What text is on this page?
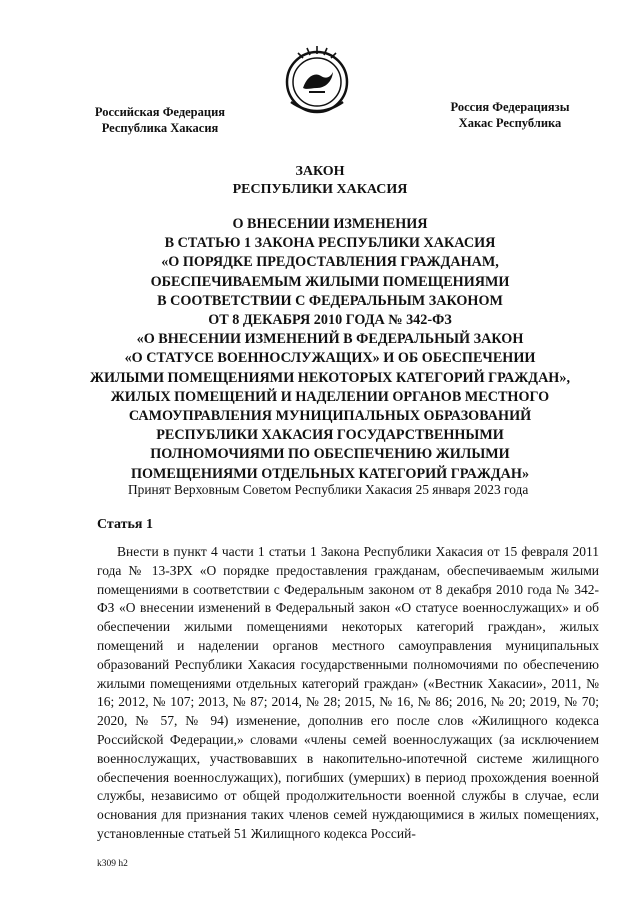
Российская Федерация
Республика Хакасия
Россия Федерациязы
Хакас Республика
ЗАКОН
РЕСПУБЛИКИ ХАКАСИЯ
О ВНЕСЕНИИ ИЗМЕНЕНИЯ
В СТАТЬЮ 1 ЗАКОНА РЕСПУБЛИКИ ХАКАСИЯ
«О ПОРЯДКЕ ПРЕДОСТАВЛЕНИЯ ГРАЖДАНАМ,
ОБЕСПЕЧИВАЕМЫМ ЖИЛЫМИ ПОМЕЩЕНИЯМИ
В СООТВЕТСТВИИ С ФЕДЕРАЛЬНЫМ ЗАКОНОМ
ОТ 8 ДЕКАБРЯ 2010 ГОДА № 342-ФЗ
«О ВНЕСЕНИИ ИЗМЕНЕНИЙ В ФЕДЕРАЛЬНЫЙ ЗАКОН
«О СТАТУСЕ ВОЕННОСЛУЖАЩИХ» И ОБ ОБЕСПЕЧЕНИИ
ЖИЛЫМИ ПОМЕЩЕНИЯМИ НЕКОТОРЫХ КАТЕГОРИЙ ГРАЖДАН»,
ЖИЛЫХ ПОМЕЩЕНИЙ И НАДЕЛЕНИИ ОРГАНОВ МЕСТНОГО
САМОУПРАВЛЕНИЯ МУНИЦИПАЛЬНЫХ ОБРАЗОВАНИЙ
РЕСПУБЛИКИ ХАКАСИЯ ГОСУДАРСТВЕННЫМИ
ПОЛНОМОЧИЯМИ ПО ОБЕСПЕЧЕНИЮ ЖИЛЫМИ
ПОМЕЩЕНИЯМИ ОТДЕЛЬНЫХ КАТЕГОРИЙ ГРАЖДАН»
Принят Верховным Советом Республики Хакасия 25 января 2023 года
Статья 1
Внести в пункт 4 части 1 статьи 1 Закона Республики Хакасия от 15 февраля 2011 года № 13-ЗРХ «О порядке предоставления гражданам, обеспечиваемым жилыми помещениями в соответствии с Федеральным законом от 8 декабря 2010 года № 342-ФЗ «О внесении изменений в Федеральный закон «О статусе военнослужащих» и об обеспечении жилыми помещениями некоторых категорий граждан», жилых помещений и наделении органов местного самоуправления муниципальных образований Республики Хакасия государственными полномочиями по обеспечению жилыми помещениями отдельных категорий граждан» («Вестник Хакасии», 2011, № 16; 2012, № 107; 2013, № 87; 2014, № 28; 2015, № 16, № 86; 2016, № 20; 2019, № 70; 2020, № 57, № 94) изменение, дополнив его после слов «Жилищного кодекса Российской Федерации,» словами «члены семей военнослужащих (за исключением военнослужащих, участвовавших в накопительно-ипотечной системе жилищного обеспечения военнослужащих), погибших (умерших) в период прохождения военной службы, независимо от общей продолжительности военной службы в случае, если основания для признания таких членов семей нуждающимися в жилых помещениях, установленные статьей 51 Жилищного кодекса Россий-
k309 h2
